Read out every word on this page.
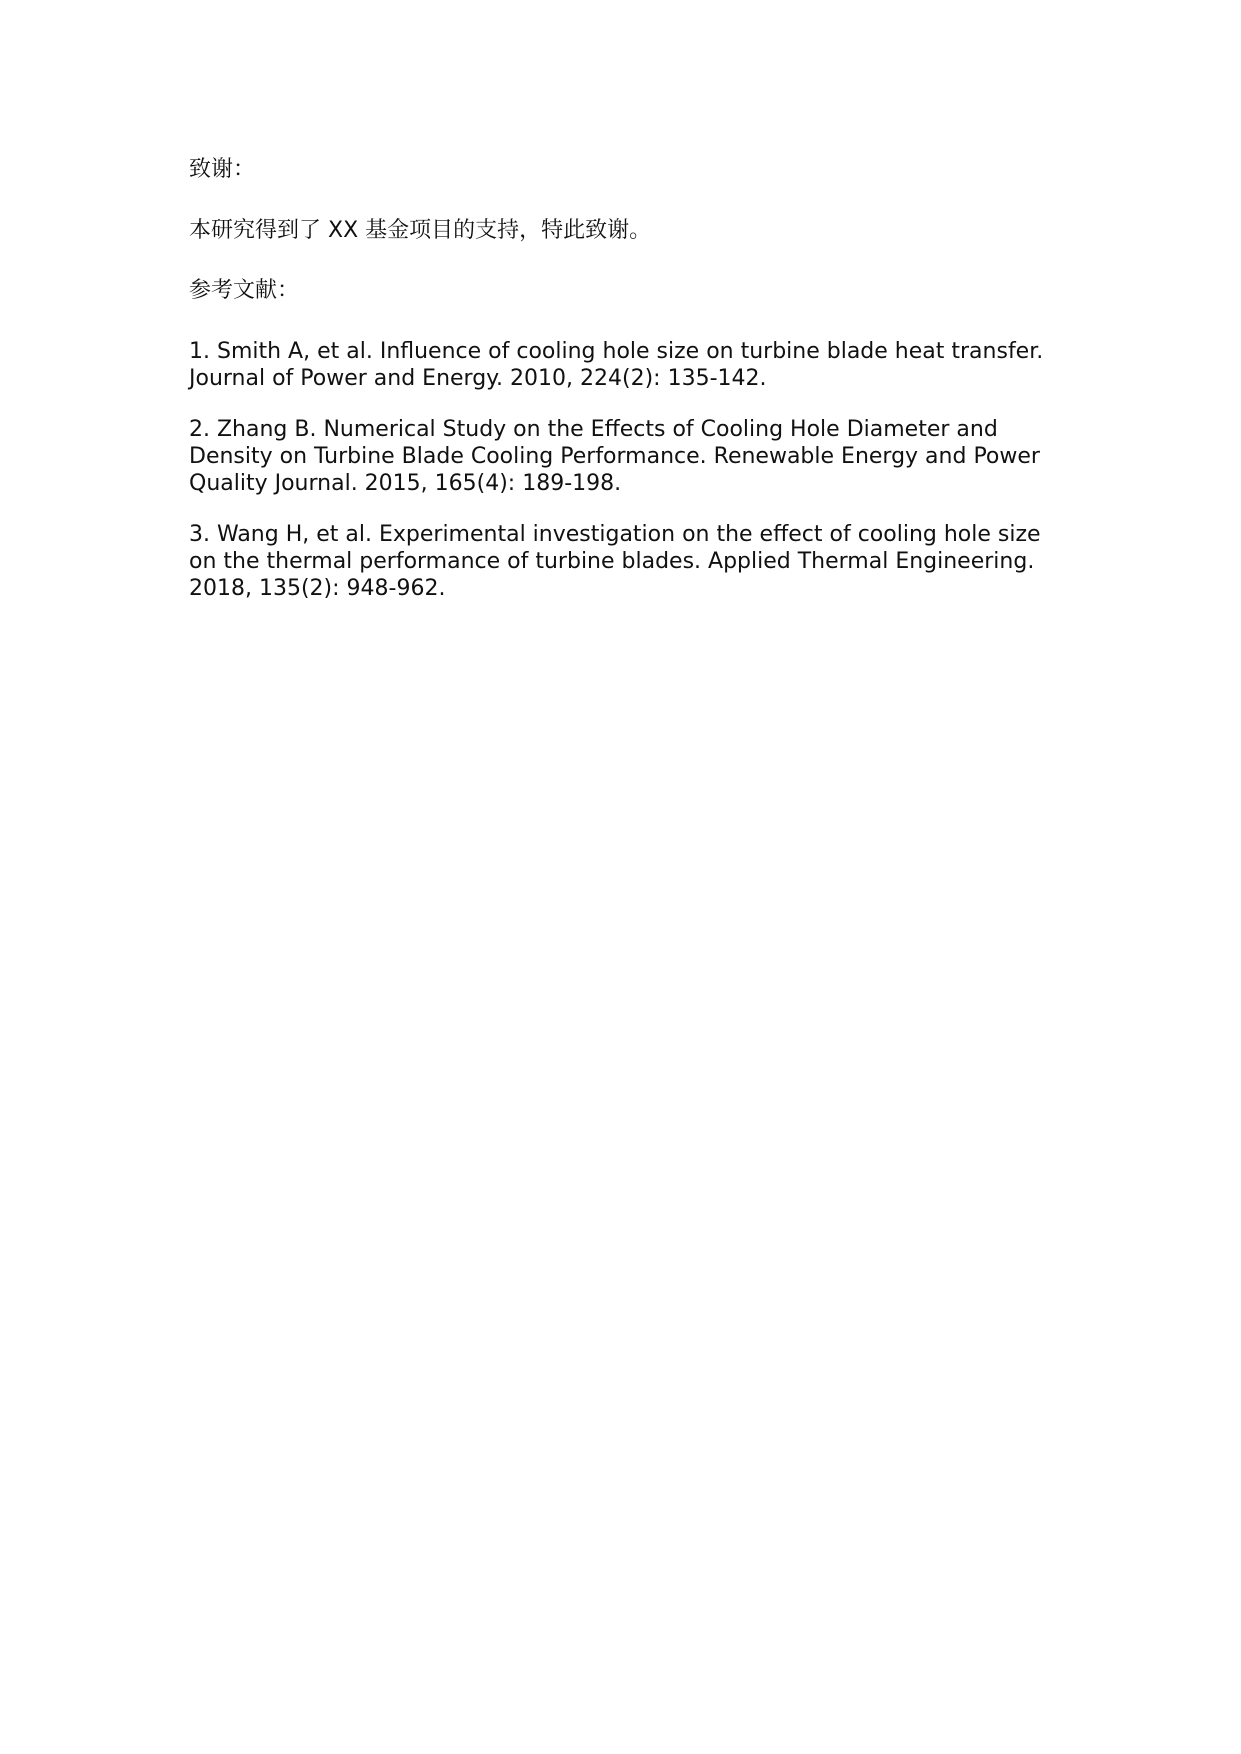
致谢：

本研究得到了 XX 基金项目的支持，特此致谢。

参考文献：

1. Smith A, et al. Influence of cooling hole size on turbine blade heat transfer. Journal of Power and Energy. 2010, 224(2): 135-142.
2. Zhang B. Numerical Study on the Effects of Cooling Hole Diameter and Density on Turbine Blade Cooling Performance. Renewable Energy and Power Quality Journal. 2015, 165(4): 189-198.
3. Wang H, et al. Experimental investigation on the effect of cooling hole size on the thermal performance of turbine blades. Applied Thermal Engineering. 2018, 135(2): 948-962.
